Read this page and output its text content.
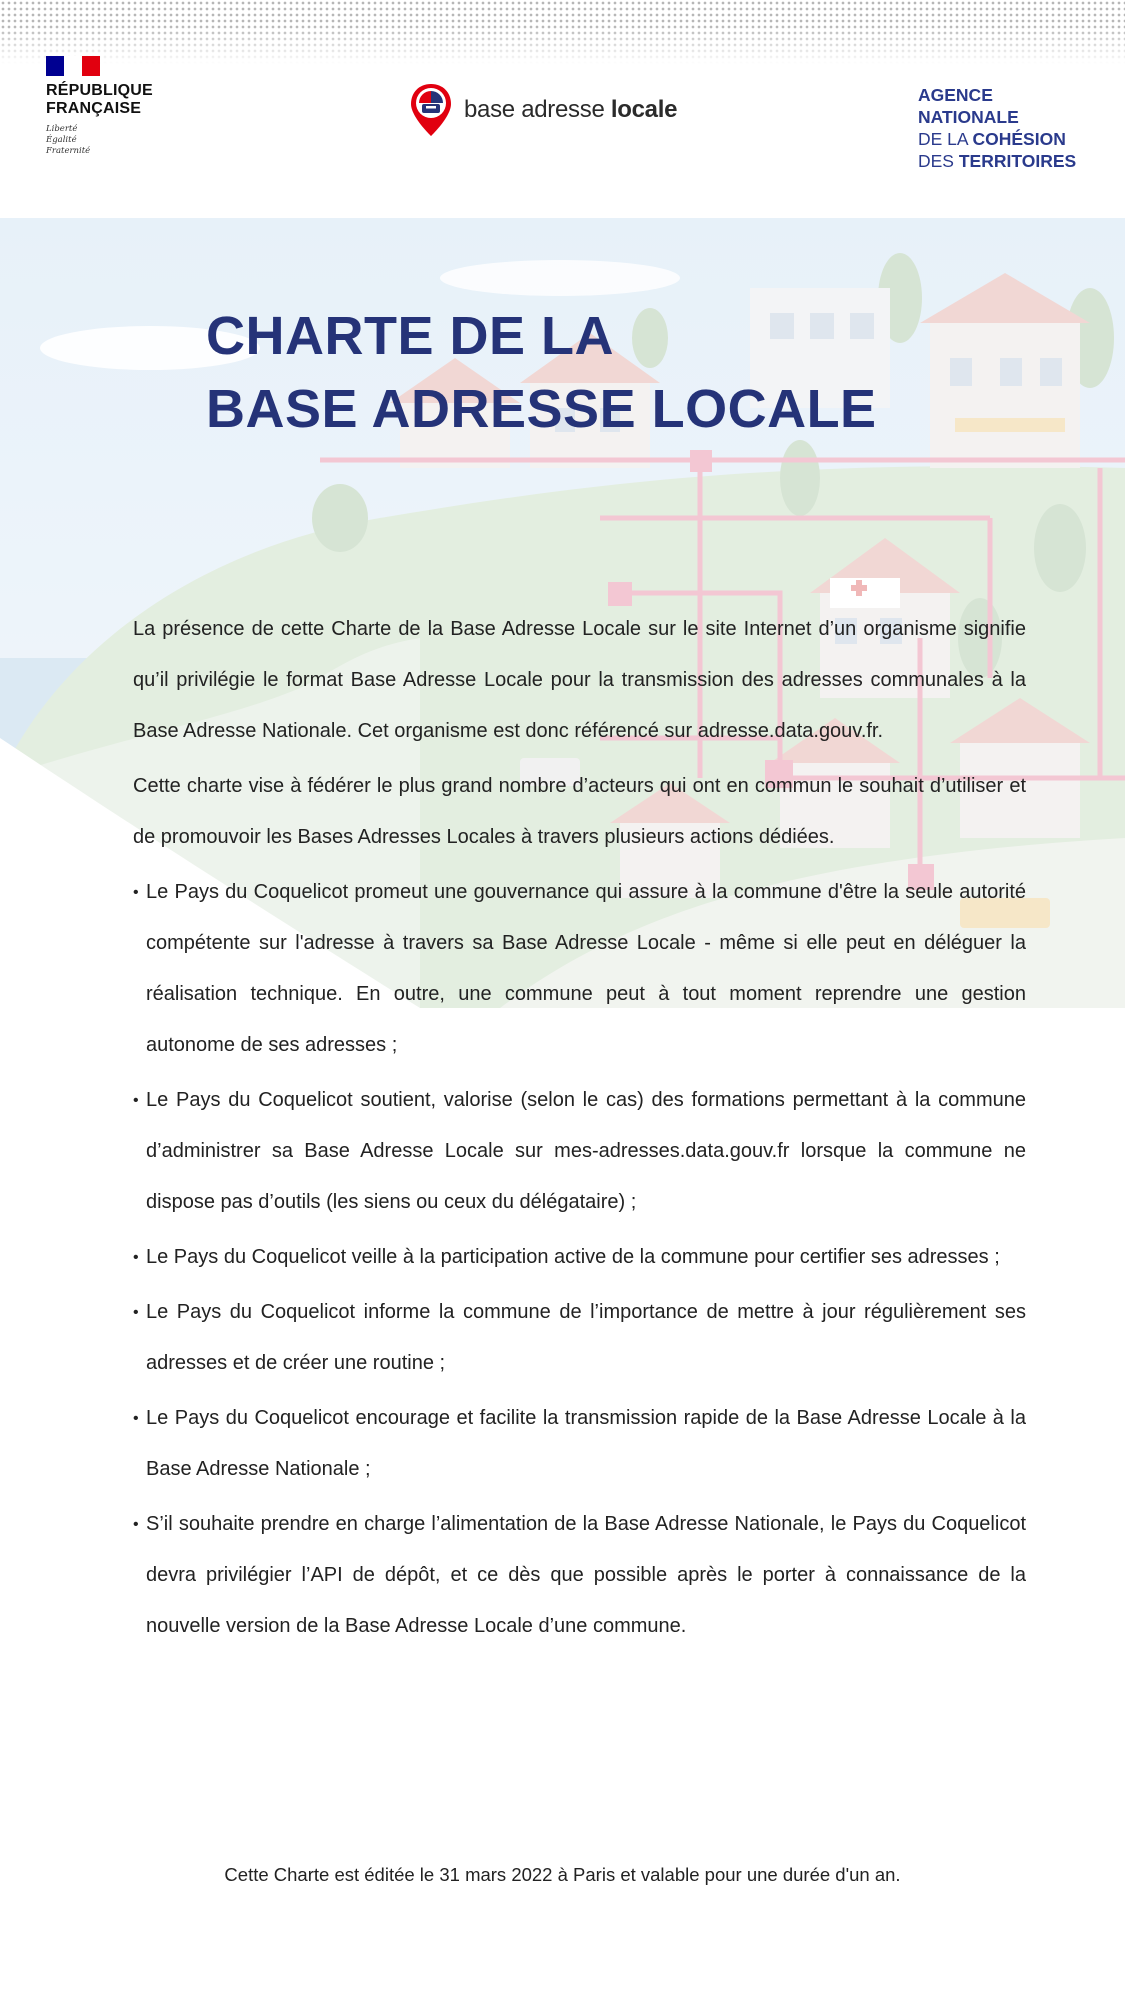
RÉPUBLIQUE
FRANÇAISE
Liberté
Égalité
Fraternité
base adresse locale
AGENCE
NATIONALE
DE LA COHÉSION
DES TERRITOIRES
CHARTE DE LA
BASE ADRESSE LOCALE

La présence de cette Charte de la Base Adresse Locale sur le site Internet d’un organisme signifie qu’il privilégie le format Base Adresse Locale pour la transmission des adresses communales à la Base Adresse Nationale. Cet organisme est donc référencé sur adresse.data.gouv.fr.

Cette charte vise à fédérer le plus grand nombre d’acteurs qui ont en commun le souhait d’utiliser et de promouvoir les Bases Adresses Locales à travers plusieurs actions dédiées.

• Le Pays du Coquelicot promeut une gouvernance qui assure à la commune d'être la seule autorité compétente sur l'adresse à travers sa Base Adresse Locale - même si elle peut en déléguer la réalisation technique. En outre, une commune peut à tout moment reprendre une gestion autonome de ses adresses ;
• Le Pays du Coquelicot soutient, valorise (selon le cas) des formations permettant à la commune d’administrer sa Base Adresse Locale sur mes-adresses.data.gouv.fr lorsque la commune ne dispose pas d’outils (les siens ou ceux du délégataire) ;
• Le Pays du Coquelicot veille à la participation active de la commune pour certifier ses adresses ;
• Le Pays du Coquelicot informe la commune de l’importance de mettre à jour régulièrement ses adresses et de créer une routine ;
• Le Pays du Coquelicot encourage et facilite la transmission rapide de la Base Adresse Locale à la Base Adresse Nationale ;
• S’il souhaite prendre en charge l’alimentation de la Base Adresse Nationale, le Pays du Coquelicot devra privilégier l’API de dépôt, et ce dès que possible après le porter à connaissance de la nouvelle version de la Base Adresse Locale d’une commune.
Cette Charte est éditée le 31 mars 2022 à Paris et valable pour une durée d'un an.
